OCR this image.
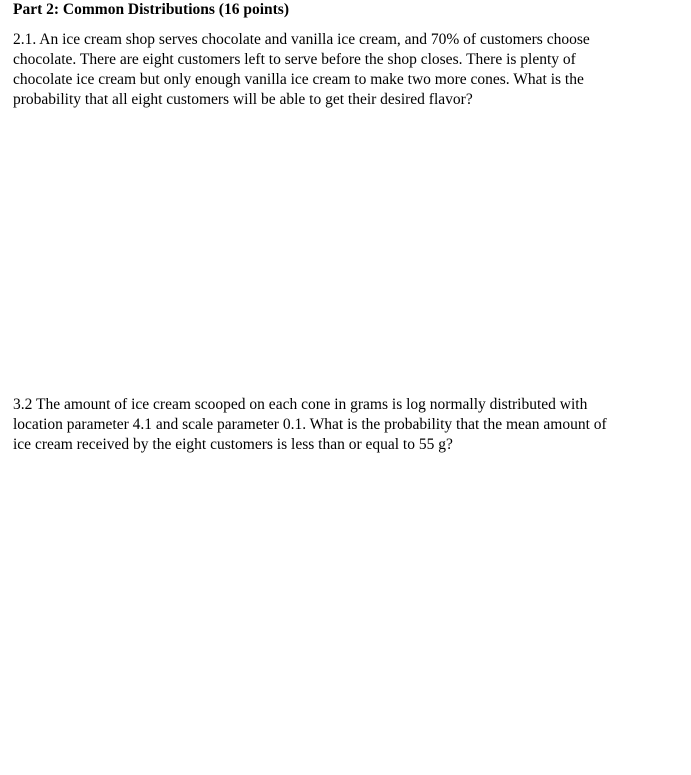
Part 2: Common Distributions (16 points)
2.1. An ice cream shop serves chocolate and vanilla ice cream, and 70% of customers choose
chocolate. There are eight customers left to serve before the shop closes. There is plenty of
chocolate ice cream but only enough vanilla ice cream to make two more cones. What is the
probability that all eight customers will be able to get their desired flavor?
3.2 The amount of ice cream scooped on each cone in grams is log normally distributed with
location parameter 4.1 and scale parameter 0.1. What is the probability that the mean amount of
ice cream received by the eight customers is less than or equal to 55 g?
